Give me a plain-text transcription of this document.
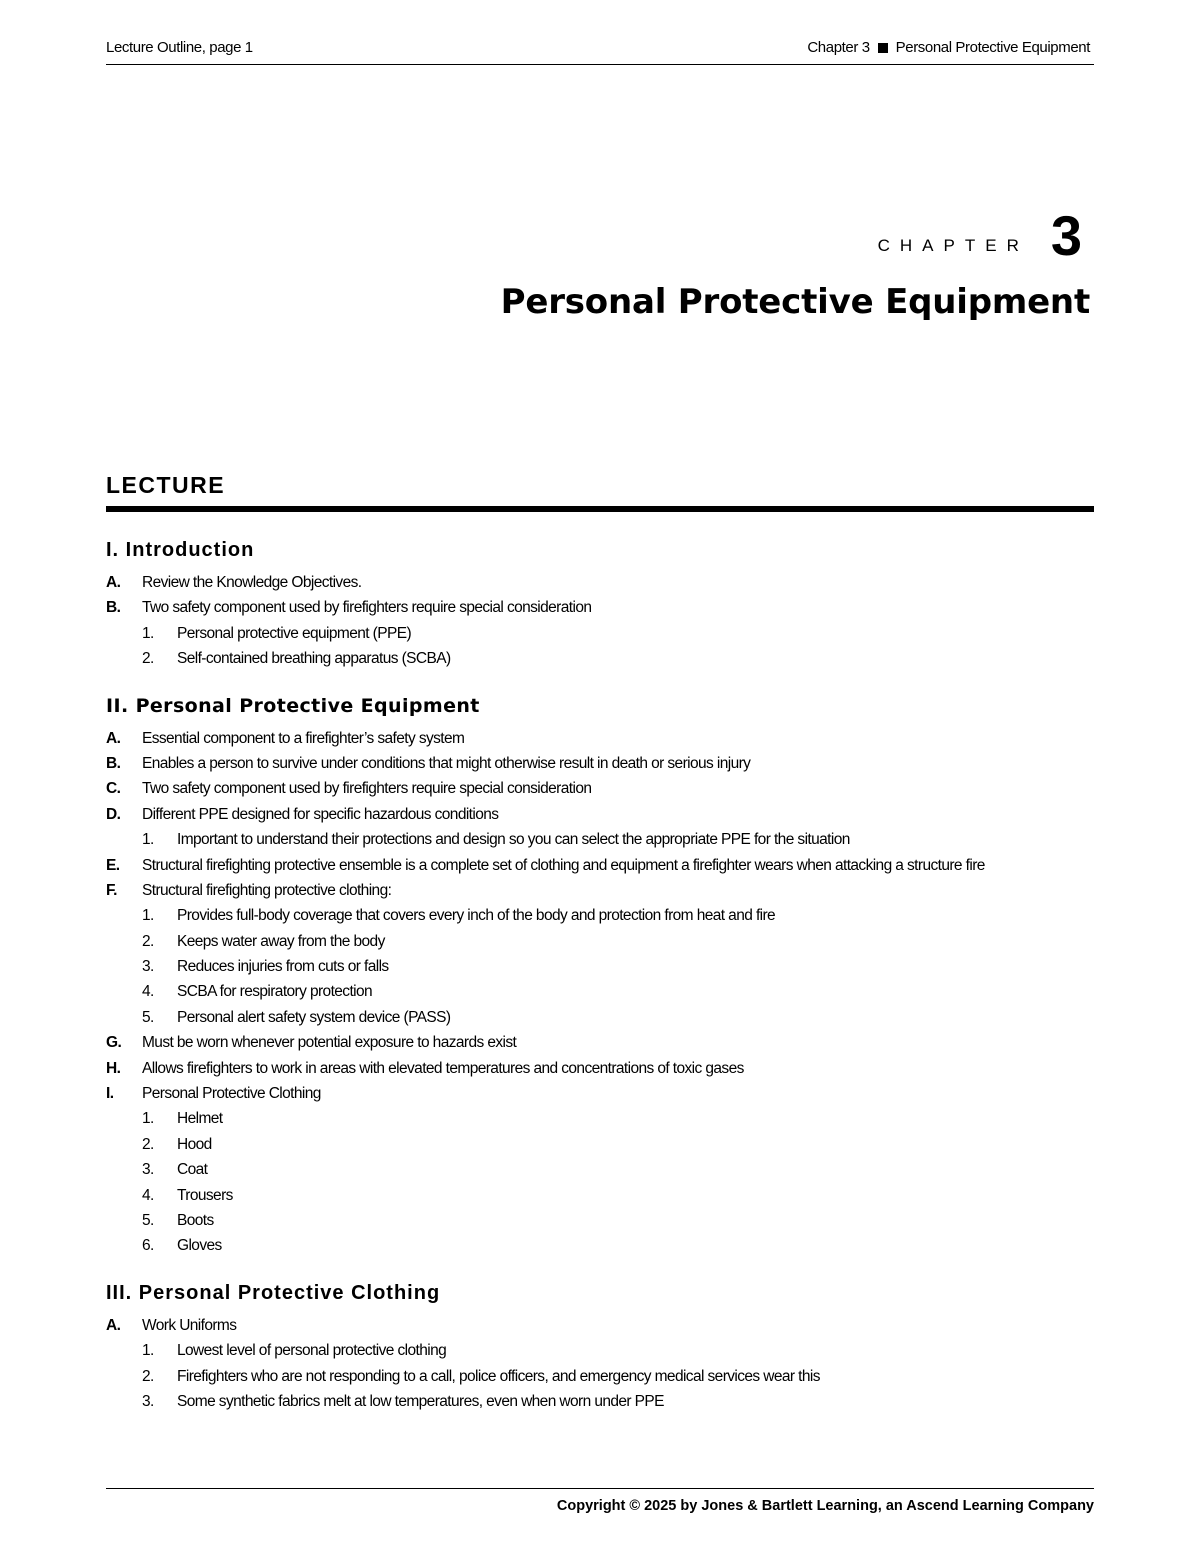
Lecture Outline, page 1	Chapter 3 Personal Protective Equipment
CHAPTER 3
Personal Protective Equipment
LECTURE
I. Introduction
A. Review the Knowledge Objectives.
B. Two safety component used by firefighters require special consideration
1. Personal protective equipment (PPE)
2. Self-contained breathing apparatus (SCBA)
II. Personal Protective Equipment
A. Essential component to a firefighter’s safety system
B. Enables a person to survive under conditions that might otherwise result in death or serious injury
C. Two safety component used by firefighters require special consideration
D. Different PPE designed for specific hazardous conditions
1. Important to understand their protections and design so you can select the appropriate PPE for the situation
E. Structural firefighting protective ensemble is a complete set of clothing and equipment a firefighter wears when attacking a structure fire
F. Structural firefighting protective clothing:
1. Provides full-body coverage that covers every inch of the body and protection from heat and fire
2. Keeps water away from the body
3. Reduces injuries from cuts or falls
4. SCBA for respiratory protection
5. Personal alert safety system device (PASS)
G. Must be worn whenever potential exposure to hazards exist
H. Allows firefighters to work in areas with elevated temperatures and concentrations of toxic gases
I. Personal Protective Clothing
1. Helmet
2. Hood
3. Coat
4. Trousers
5. Boots
6. Gloves
III. Personal Protective Clothing
A. Work Uniforms
1. Lowest level of personal protective clothing
2. Firefighters who are not responding to a call, police officers, and emergency medical services wear this
3. Some synthetic fabrics melt at low temperatures, even when worn under PPE
Copyright © 2025 by Jones & Bartlett Learning, an Ascend Learning Company
